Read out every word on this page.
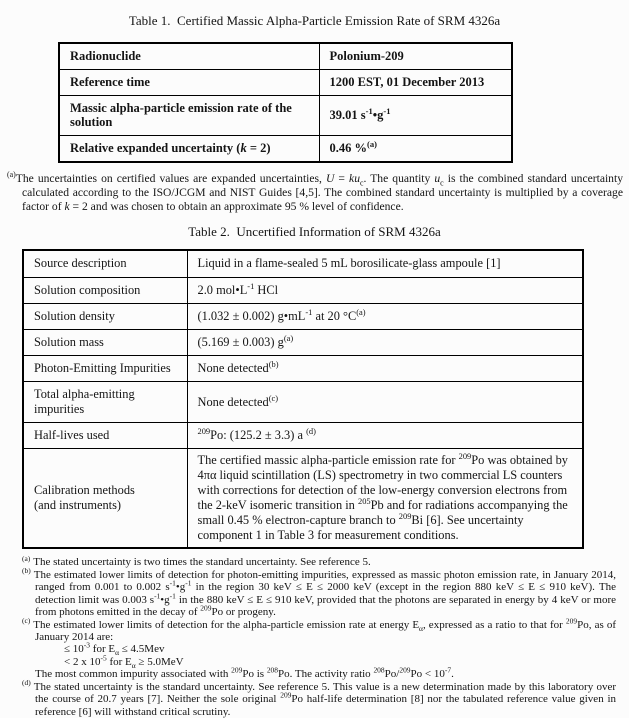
Table 1.  Certified Massic Alpha-Particle Emission Rate of SRM 4326a
Radionuclide	Polonium-209
Reference time	1200 EST, 01 December 2013
Massic alpha-particle emission rate of the solution	39.01 $s^{-1}•g^{-1}$
Relative expanded uncertainty (k = 2)	0.46 %$^{(a)}$
$^{(a)}$The uncertainties on certified values are expanded uncertainties, $U = ku_c$. The quantity $u_c$ is the combined standard uncertainty calculated according to the ISO/JCGM and NIST Guides [4,5]. The combined standard uncertainty is multiplied by a coverage factor of k = 2 and was chosen to obtain an approximate 95 % level of confidence.
Table 2.  Uncertified Information of SRM 4326a
Source description	Liquid in a flame-sealed 5 mL borosilicate-glass ampoule [1]
Solution composition	2.0 $mol•L^{-1}$ HCl
Solution density	(1.032 ± 0.002) $g•mL^{-1}$ at 20 $^\circ C^{(a)}$
Solution mass	(5.169 ± 0.003) $g^{(a)}$
Photon-Emitting Impurities	None detected$^{(b)}$
Total alpha-emitting impurities	None detected$^{(c)}$
Half-lives used	$^{209}$Po: (125.2 ± 3.3) a $^{(d)}$

Calibration methods
(and instruments)	The certified massic alpha-particle emission rate for $^{209}$Po was obtained by 4πα liquid scintillation (LS) spectrometry in two commercial LS counters with corrections for detection of the low-energy conversion electrons from the 2-keV isomeric transition in $^{205}$Pb and for radiations accompanying the small 0.45 % electron-capture branch to $^{209}$Bi [6]. See uncertainty component 1 in Table 3 for measurement conditions.
$^{(a)}$ The stated uncertainty is two times the standard uncertainty. See reference 5.
$^{(b)}$ The estimated lower limits of detection for photon-emitting impurities, expressed as massic photon emission rate, in January 2014, ranged from 0.001 to 0.002 $s^{-1}•g^{-1}$ in the region 30 keV ≤ E ≤ 2000 keV (except in the region 880 keV ≤ E ≤ 910 keV). The detection limit was 0.003 $s^{-1}•g^{-1}$ in the 880 keV ≤ E ≤ 910 keV, provided that the photons are separated in energy by 4 keV or more from photons emitted in the decay of $^{209}$Po or progeny.
$^{(c)}$ The estimated lower limits of detection for the alpha-particle emission rate at energy $E_\alpha$, expressed as a ratio to that for $^{209}$Po, as of January 2014 are:
≤ $10^{-3}$ for $E_\alpha \le 4.5Mev$
< 2 x $10^{-5}$ for $E_\alpha \ge 5.0MeV$
The most common impurity associated with $^{209}$Po is $^{208}$Po. The activity ratio $^{208}Po/^{209}Po < 10^{-7}$.
$^{(d)}$ The stated uncertainty is the standard uncertainty. See reference 5. This value is a new determination made by this laboratory over the course of 20.7 years [7]. Neither the sole original $^{209}$Po half-life determination [8] nor the tabulated reference value given in reference [6] will withstand critical scrutiny.
